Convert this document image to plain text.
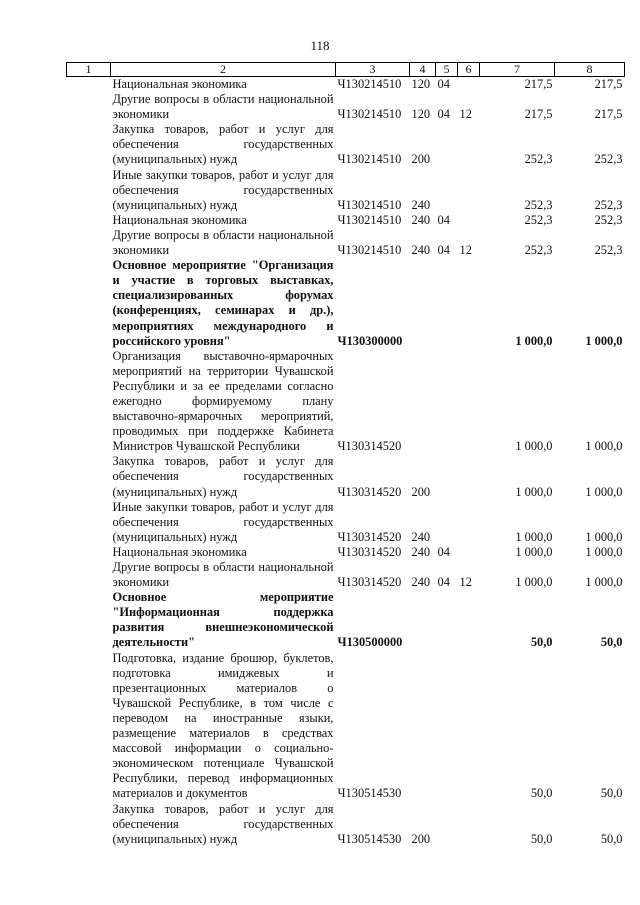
118
1	2	3	4	5	6	7	8
	Национальная экономика	Ч130214510	120	04		217,5	217,5
	Другие вопросы в области национальной экономики	Ч130214510	120	04	12	217,5	217,5
	Закупка товаров, работ и услуг для обеспечения государственных (муниципальных) нужд	Ч130214510	200			252,3	252,3
	Иные закупки товаров, работ и услуг для обеспечения государственных (муниципальных) нужд	Ч130214510	240			252,3	252,3
	Национальная экономика	Ч130214510	240	04		252,3	252,3
	Другие вопросы в области национальной экономики	Ч130214510	240	04	12	252,3	252,3
	Основное мероприятие "Организация и участие в торговых выставках, специализированных форумах (конференциях, семинарах и др.), мероприятиях международного и российского уровня"	Ч130300000				1 000,0	1 000,0
	Организация выставочно-ярмарочных мероприятий на территории Чувашской Республики и за ее пределами согласно ежегодно формируемому плану выставочно-ярмарочных мероприятий, проводимых при поддержке Кабинета Министров Чувашской Республики	Ч130314520				1 000,0	1 000,0
	Закупка товаров, работ и услуг для обеспечения государственных (муниципальных) нужд	Ч130314520	200			1 000,0	1 000,0
	Иные закупки товаров, работ и услуг для обеспечения государственных (муниципальных) нужд	Ч130314520	240			1 000,0	1 000,0
	Национальная экономика	Ч130314520	240	04		1 000,0	1 000,0
	Другие вопросы в области национальной экономики	Ч130314520	240	04	12	1 000,0	1 000,0
	Основное мероприятие "Информационная поддержка развития внешнеэкономической деятельности"	Ч130500000				50,0	50,0
	Подготовка, издание брошюр, буклетов, подготовка имиджевых и презентационных материалов о Чувашской Республике, в том числе с переводом на иностранные языки, размещение материалов в средствах массовой информации о социально-экономическом потенциале Чувашской Республики, перевод информационных материалов и документов	Ч130514530				50,0	50,0
	Закупка товаров, работ и услуг для обеспечения государственных (муниципальных) нужд	Ч130514530	200			50,0	50,0
